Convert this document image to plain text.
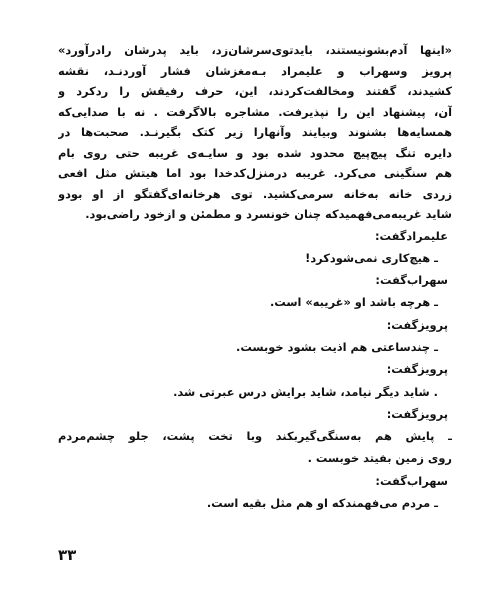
«اینها آدم‌بشو‌نیستند، بایدتوی‌سرشان‌زد، باید پدرشان رادرآورد»
پرویز وسهراب و علیمراد بـه‌مغزشان فشار آوردنـد، نقشه
کشیدند، گفتند ومخالفت‌کردند، این، حرف رفیقش را ردکرد و
آن، پیشنهاد این را نپذیرفت. مشاجره بالاگرفت . نه با صدایی‌که
همسایه‌ها بشنوند وبیایند وآنهارا زیر کتک بگیرنـد. صحبت‌ها در
دایره تنگ پیچ‌پیچ محدود شده بود و سایـه‌ی غریبه حتی روی بام
هم سنگینی می‌کرد. غریبه درمنزل‌کدخدا بود اما هیتش مثل افعی
زردی خانه به‌خانه سرمی‌کشید. توی هرخانه‌ای‌گفتگو از او بودو
شاید غریبه‌می‌فهمیدکه چنان خونسرد و مطمئن و ازخود راضی‌بود.
علیمرادگفت:
ـ هیچ‌کاری نمی‌شودکرد!
سهراب‌گفت:
ـ هرچه باشد او «غریبه» است.
پرویزگفت:
ـ چندساعتی هم اذیت بشود خوبست.
پرویزگفت:
. شاید دیگر نیامد، شاید برایش درس عبرتی شد.
پرویزگفت:
ـ پایش هم به‌سنگی‌گیربکند وبا تخت پشت، جلو چشم‌مردم
روی زمین بفیتد خوبست .
سهراب‌گفت:
ـ مردم می‌فهمندکه او هم مثل بقیه است.
۳۳
